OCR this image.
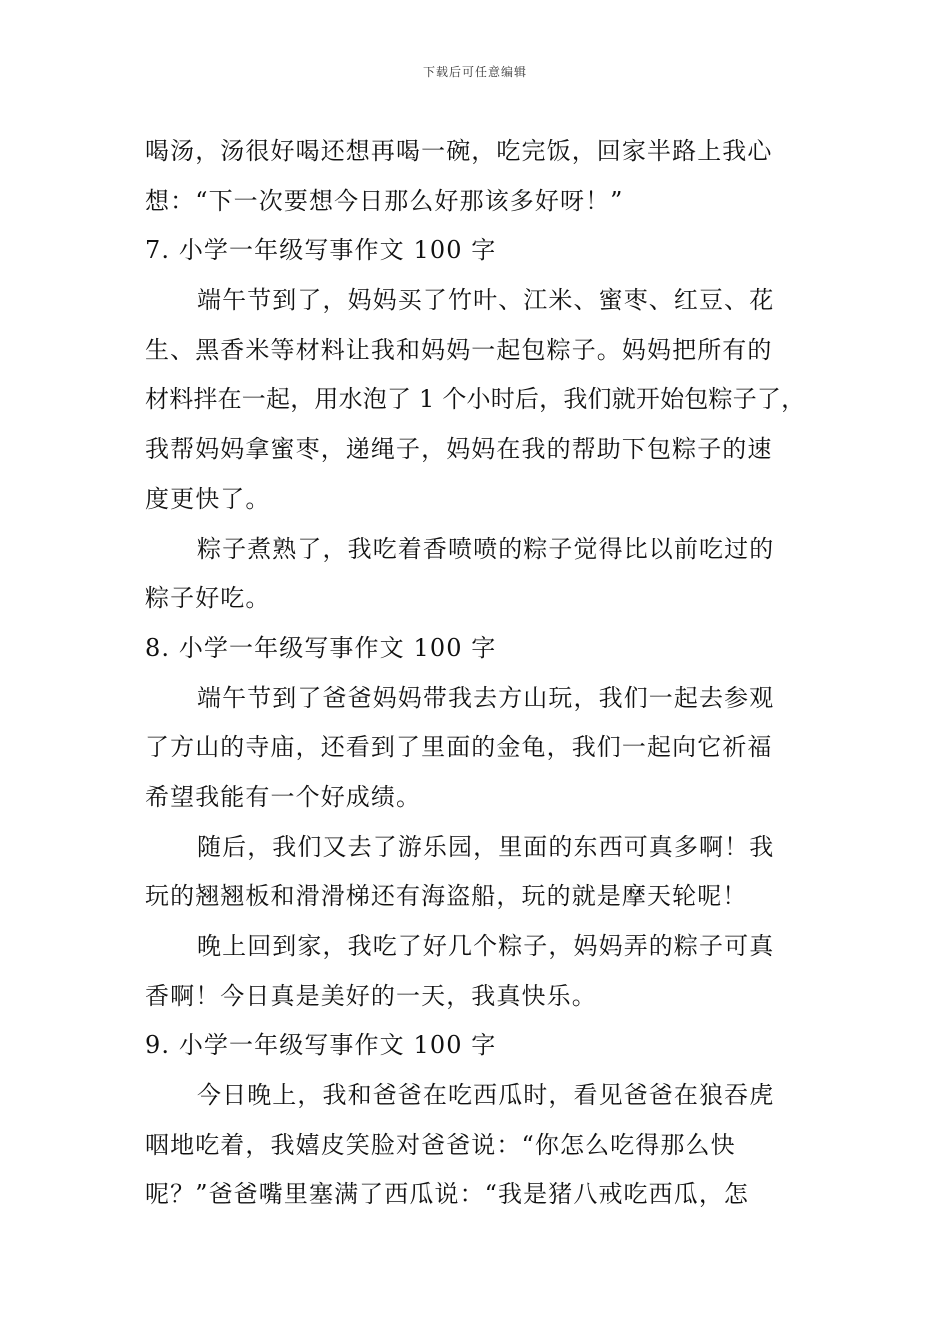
下载后可任意编辑
喝汤，汤很好喝还想再喝一碗，吃完饭，回家半路上我心
想：“下一次要想今日那么好那该多好呀！”
7. 小学一年级写事作文 100 字
端午节到了，妈妈买了竹叶、江米、蜜枣、红豆、花
生、黑香米等材料让我和妈妈一起包粽子。妈妈把所有的
材料拌在一起，用水泡了 1 个小时后，我们就开始包粽子了，
我帮妈妈拿蜜枣，递绳子，妈妈在我的帮助下包粽子的速
度更快了。
粽子煮熟了，我吃着香喷喷的粽子觉得比以前吃过的
粽子好吃。
8. 小学一年级写事作文 100 字
端午节到了爸爸妈妈带我去方山玩，我们一起去参观
了方山的寺庙，还看到了里面的金龟，我们一起向它祈福
希望我能有一个好成绩。
随后，我们又去了游乐园，里面的东西可真多啊！我
玩的翘翘板和滑滑梯还有海盗船，玩的就是摩天轮呢！
晚上回到家，我吃了好几个粽子，妈妈弄的粽子可真
香啊！今日真是美好的一天，我真快乐。
9. 小学一年级写事作文 100 字
今日晚上，我和爸爸在吃西瓜时，看见爸爸在狼吞虎
咽地吃着，我嬉皮笑脸对爸爸说：“你怎么吃得那么快
呢？”爸爸嘴里塞满了西瓜说：“我是猪八戒吃西瓜，怎
